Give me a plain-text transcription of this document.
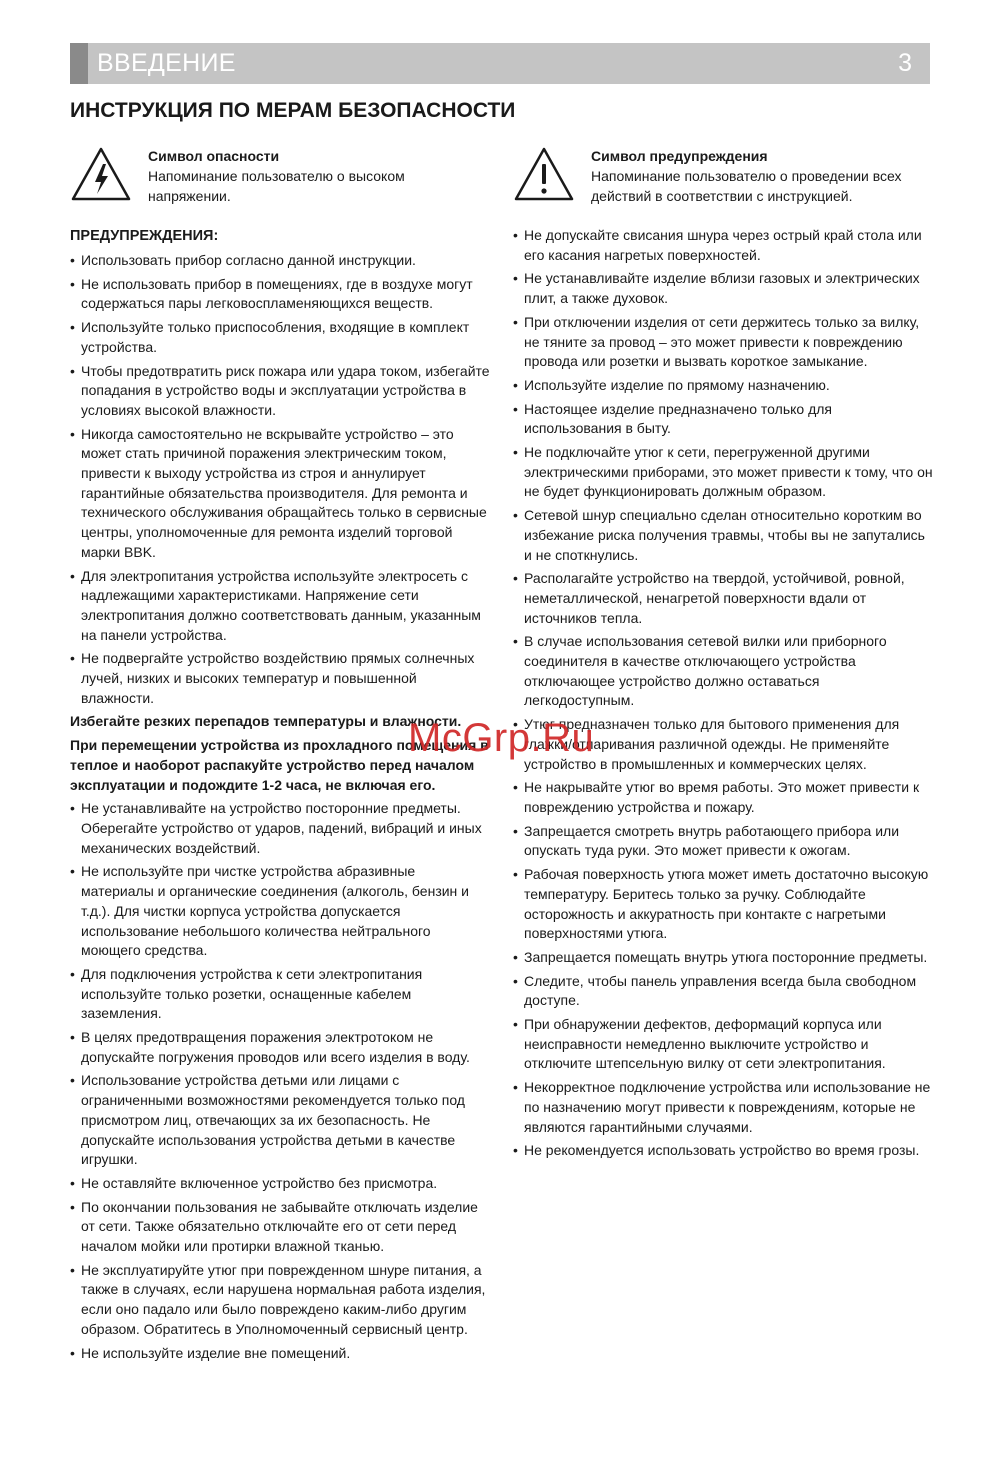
ВВЕДЕНИЕ	3
ИНСТРУКЦИЯ ПО МЕРАМ БЕЗОПАСНОСТИ
Символ опасности
Напоминание пользователю о высоком напряжении.
Символ предупреждения
Напоминание пользователю о проведении всех действий в соответствии с инструкцией.
ПРЕДУПРЕЖДЕНИЯ:
• Использовать прибор согласно данной инструкции.
• Не использовать прибор в помещениях, где в воздухе могут содержаться пары легковоспламеняющихся веществ.
• Используйте только приспособления, входящие в комплект устройства.
• Чтобы предотвратить риск пожара или удара током, избегайте попадания в устройство воды и эксплуатации устройства в условиях высокой влажности.
• Никогда самостоятельно не вскрывайте устройство – это может стать причиной поражения электрическим током, привести к выходу устройства из строя и аннулирует гарантийные обязательства производителя. Для ремонта и технического обслуживания обращайтесь только в сервисные центры, уполномоченные для ремонта изделий торговой марки BBK.
• Для электропитания устройства используйте электросеть с надлежащими характеристиками. Напряжение сети электропитания должно соответствовать данным, указанным на панели устройства.
• Не подвергайте устройство воздействию прямых солнечных лучей, низких и высоких температур и повышенной влажности.

Избегайте резких перепадов температуры и влажности.

При перемещении устройства из прохладного помещения в теплое и наоборот распакуйте устройство перед началом эксплуатации и подождите 1-2 часа, не включая его.

• Не устанавливайте на устройство посторонние предметы. Оберегайте устройство от ударов, падений, вибраций и иных механических воздействий.
• Не используйте при чистке устройства абразивные материалы и органические соединения (алкоголь, бензин и т.д.). Для чистки корпуса устройства допускается использование небольшого количества нейтрального моющего средства.
• Для подключения устройства к сети электропитания используйте только розетки, оснащенные кабелем заземления.
• В целях предотвращения поражения электротоком не допускайте погружения проводов или всего изделия в воду.
• Использование устройства детьми или лицами с ограниченными возможностями рекомендуется только под присмотром лиц, отвечающих за их безопасность. Не допускайте использования устройства детьми в качестве игрушки.
• Не оставляйте включенное устройство без присмотра.
• По окончании пользования не забывайте отключать изделие от сети. Также обязательно отключайте его от сети перед началом мойки или протирки влажной тканью.
• Не эксплуатируйте утюг при поврежденном шнуре питания, а также в случаях, если нарушена нормальная работа изделия, если оно падало или было повреждено каким-либо другим образом. Обратитесь в Уполномоченный сервисный центр.
• Не используйте изделие вне помещений.
• Не допускайте свисания шнура через острый край стола или его касания нагретых поверхностей.
• Не устанавливайте изделие вблизи газовых и электрических плит, а также духовок.
• При отключении изделия от сети держитесь только за вилку, не тяните за провод – это может привести к повреждению провода или розетки и вызвать короткое замыкание.
• Используйте изделие по прямому назначению.
• Настоящее изделие предназначено только для использования в быту.
• Не подключайте утюг к сети, перегруженной другими электрическими приборами, это может привести к тому, что он не будет функционировать должным образом.
• Сетевой шнур специально сделан относительно коротким во избежание риска получения травмы, чтобы вы не запутались и не споткнулись.
• Располагайте устройство на твердой, устойчивой, ровной, неметаллической, ненагретой поверхности вдали от источников тепла.
• В случае использования сетевой вилки или приборного соединителя в качестве отключающего устройства отключающее устройство должно оставаться легкодоступным.
• Утюг предназначен только для бытового применения для глажки/отпаривания различной одежды. Не применяйте устройство в промышленных и коммерческих целях.
• Не накрывайте утюг во время работы. Это может привести к повреждению устройства и пожару.
• Запрещается смотреть внутрь работающего прибора или опускать туда руки. Это может привести к ожогам.
• Рабочая поверхность утюга может иметь достаточно высокую температуру. Беритесь только за ручку. Соблюдайте осторожность и аккуратность при контакте с нагретыми поверхностями утюга.
• Запрещается помещать внутрь утюга посторонние предметы.
• Следите, чтобы панель управления всегда была свободном доступе.
• При обнаружении дефектов, деформаций корпуса или неисправности немедленно выключите устройство и отключите штепсельную вилку от сети электропитания.
• Некорректное подключение устройства или использование не по назначению могут привести к повреждениям, которые не являются гарантийными случаями.
• Не рекомендуется использовать устройство во время грозы.
McGrp.Ru
